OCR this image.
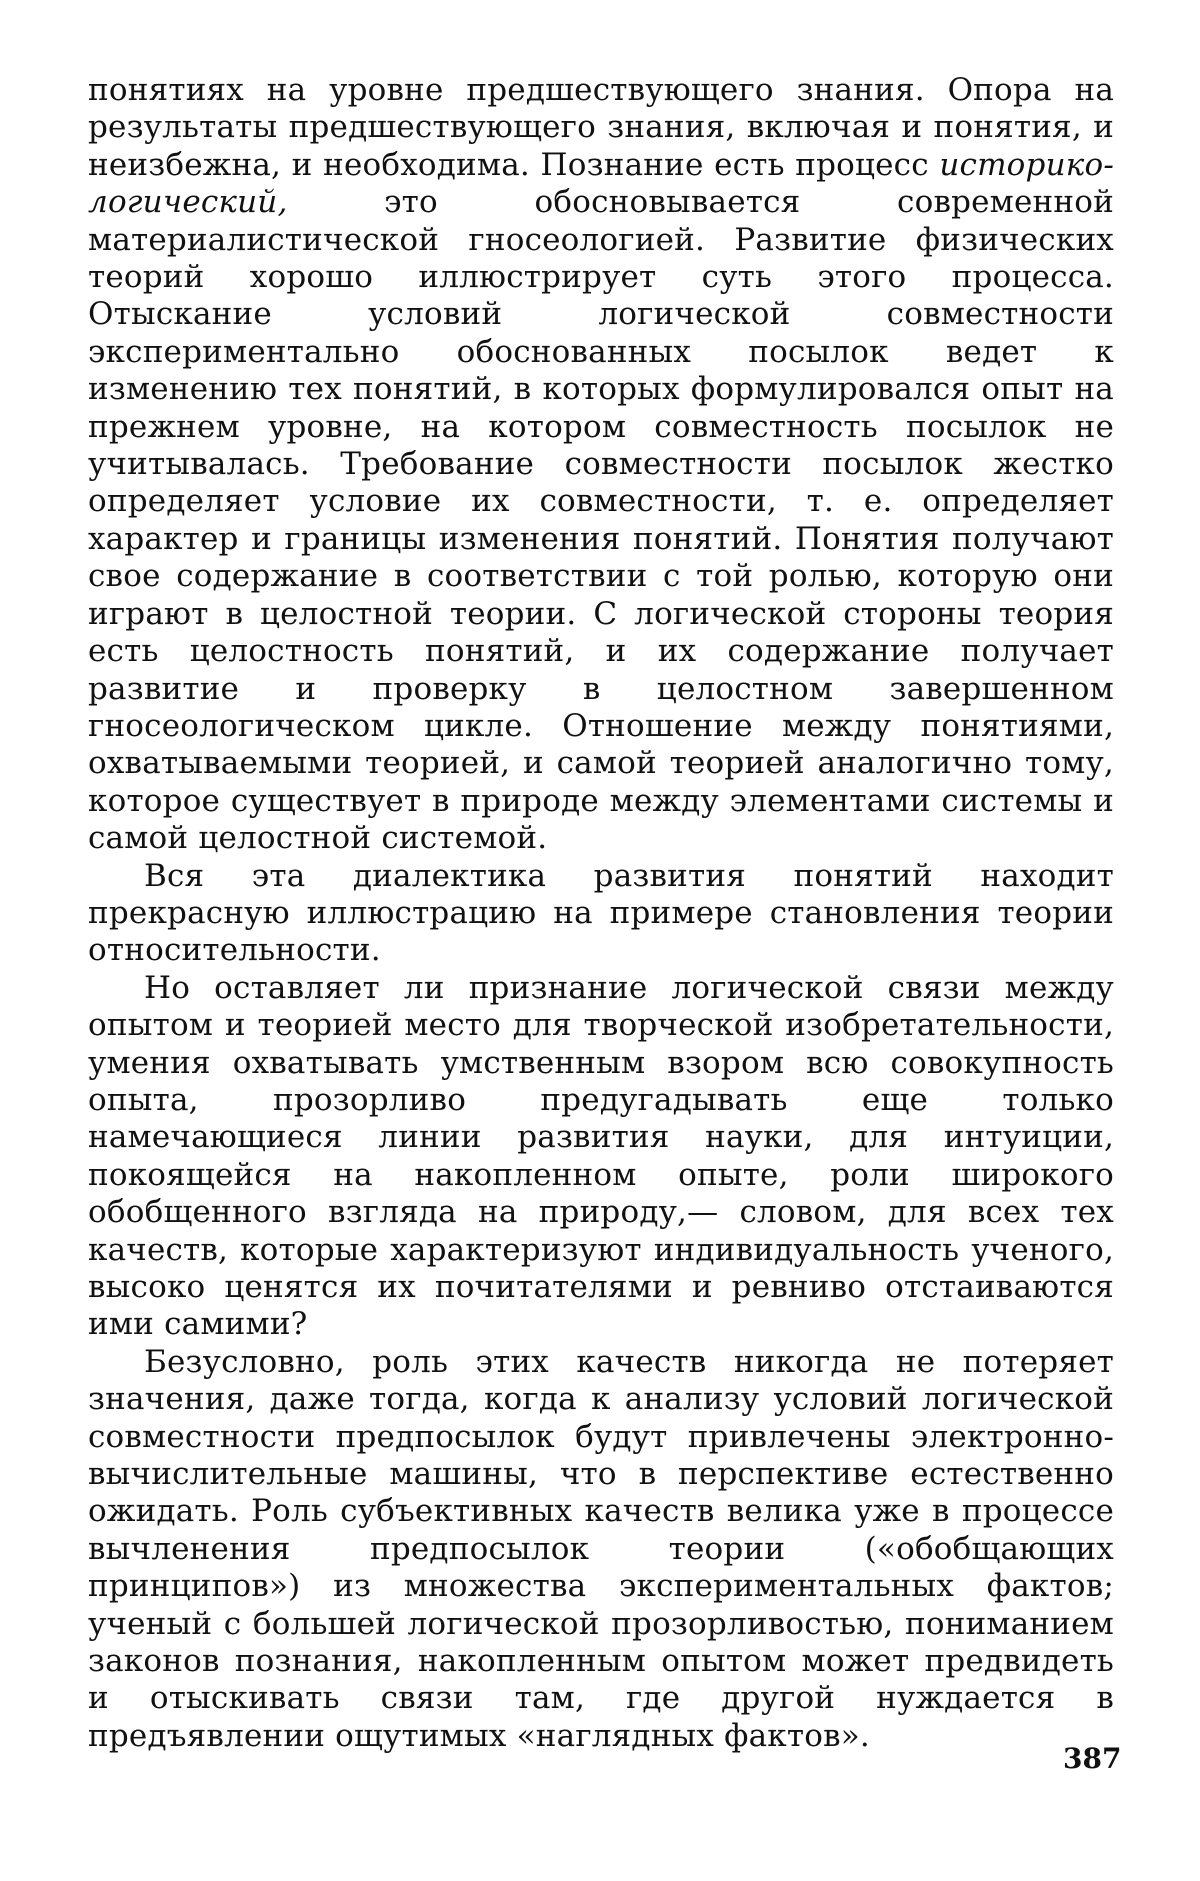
понятиях на уровне предшествующего знания. Опора на результаты предшествующего знания, включая и понятия, и неизбежна, и необходима. Познание есть процесс историко-логический, это обосновывается современной материалистической гносеологией. Развитие физических теорий хорошо иллюстрирует суть этого процесса. Отыскание условий логической совместности экспериментально обоснованных посылок ведет к изменению тех понятий, в которых формулировался опыт на прежнем уровне, на котором совместность посылок не учитывалась. Требование совместности посылок жестко определяет условие их совместности, т. е. определяет характер и границы изменения понятий. Понятия получают свое содержание в соответствии с той ролью, которую они играют в целостной теории. С логической стороны теория есть целостность понятий, и их содержание получает развитие и проверку в целостном завершенном гносеологическом цикле. Отношение между понятиями, охватываемыми теорией, и самой теорией аналогично тому, которое существует в природе между элементами системы и самой целостной системой.

Вся эта диалектика развития понятий находит прекрасную иллюстрацию на примере становления теории относительности.

Но оставляет ли признание логической связи между опытом и теорией место для творческой изобретательности, умения охватывать умственным взором всю совокупность опыта, прозорливо предугадывать еще только намечающиеся линии развития науки, для интуиции, покоящейся на накопленном опыте, роли широкого обобщенного взгляда на природу,— словом, для всех тех качеств, которые характеризуют индивидуальность ученого, высоко ценятся их почитателями и ревниво отстаиваются ими самими?

Безусловно, роль этих качеств никогда не потеряет значения, даже тогда, когда к анализу условий логической совместности предпосылок будут привлечены электронно-вычислительные машины, что в перспективе естественно ожидать. Роль субъективных качеств велика уже в процессе вычленения предпосылок теории («обобщающих принципов») из множества экспериментальных фактов; ученый с большей логической прозорливостью, пониманием законов познания, накопленным опытом может предвидеть и отыскивать связи там, где другой нуждается в предъявлении ощутимых «наглядных фактов».

387
